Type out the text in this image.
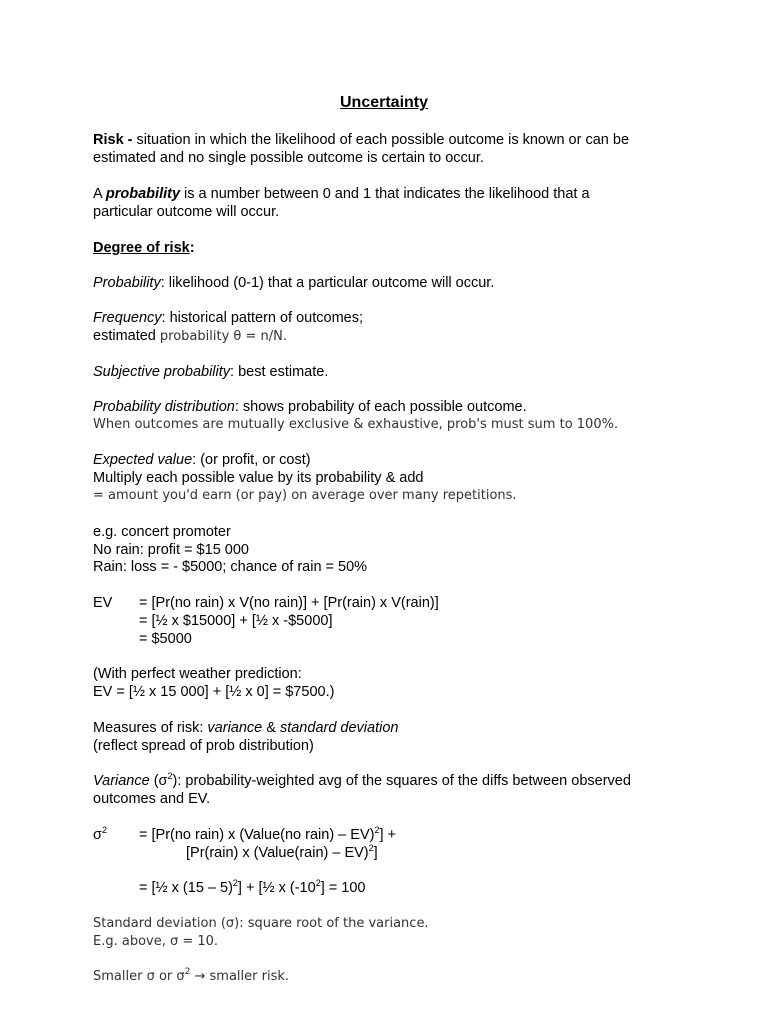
Uncertainty
Risk - situation in which the likelihood of each possible outcome is known or can be
estimated and no single possible outcome is certain to occur.
A probability is a number between 0 and 1 that indicates the likelihood that a
particular outcome will occur.
Degree of risk:
Probability: likelihood (0-1) that a particular outcome will occur.
Frequency: historical pattern of outcomes;
estimated probability θ = n/N.
Subjective probability: best estimate.
Probability distribution: shows probability of each possible outcome.
When outcomes are mutually exclusive & exhaustive, prob's must sum to 100%.
Expected value: (or profit, or cost)
Multiply each possible value by its probability & add
= amount you'd earn (or pay) on average over many repetitions.
e.g. concert promoter
No rain: profit = $15 000
Rain: loss = - $5000; chance of rain = 50%
EV = [Pr(no rain) x V(no rain)] + [Pr(rain) x V(rain)]
= [½ x $15000] + [½ x -$5000]
= $5000
(With perfect weather prediction:
EV = [½ x 15 000] + [½ x 0] = $7500.)
Measures of risk: variance & standard deviation
(reflect spread of prob distribution)
Variance $(\sigma^2)$: probability-weighted avg of the squares of the diffs between observed
outcomes and EV.
$\sigma^2 = [Pr(no$ rain) x (Value(no rain) – EV)$^2$] +
[Pr(rain) x (Value(rain) – EV)$^2$]
= [½ x (15 – 5)$^2$] + [½ x $(-10^2] = 100$
Standard deviation (σ): square root of the variance.
E.g. above, σ = 10.
Smaller σ or $\sigma^2$ → smaller risk.
